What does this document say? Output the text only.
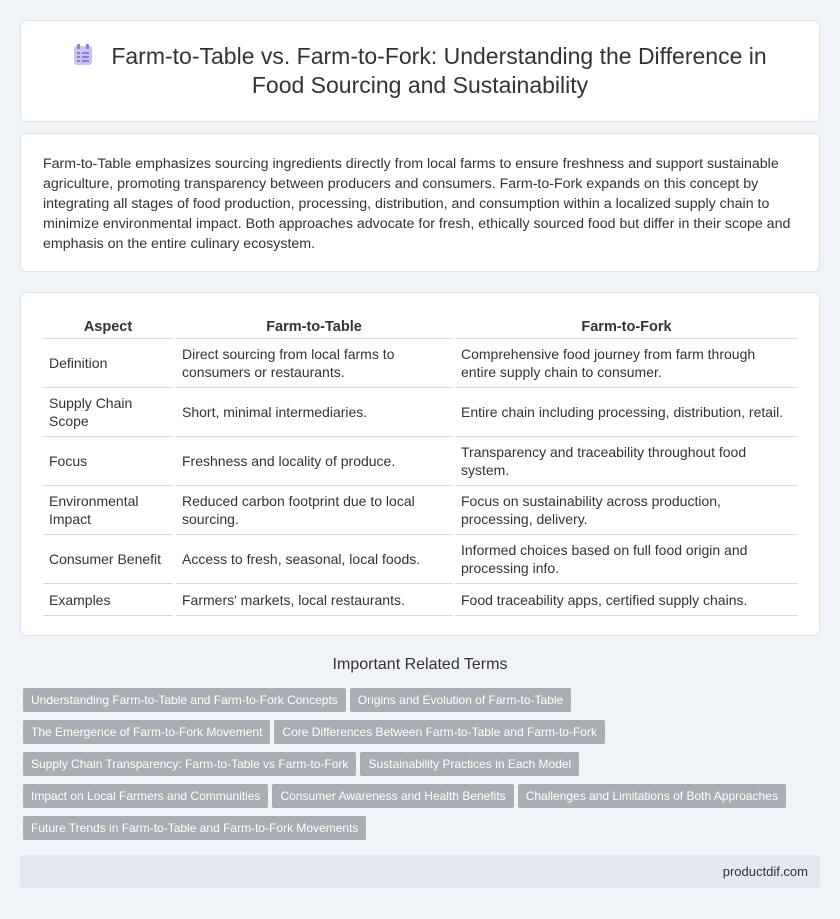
Farm-to-Table vs. Farm-to-Fork: Understanding the Difference in Food Sourcing and Sustainability

Farm-to-Table emphasizes sourcing ingredients directly from local farms to ensure freshness and support sustainable agriculture, promoting transparency between producers and consumers. Farm-to-Fork expands on this concept by integrating all stages of food production, processing, distribution, and consumption within a localized supply chain to minimize environmental impact. Both approaches advocate for fresh, ethically sourced food but differ in their scope and emphasis on the entire culinary ecosystem.

Aspect	Farm-to-Table	Farm-to-Fork
Definition	Direct sourcing from local farms to consumers or restaurants.	Comprehensive food journey from farm through entire supply chain to consumer.
Supply Chain Scope	Short, minimal intermediaries.	Entire chain including processing, distribution, retail.
Focus	Freshness and locality of produce.	Transparency and traceability throughout food system.
Environmental Impact	Reduced carbon footprint due to local sourcing.	Focus on sustainability across production, processing, delivery.
Consumer Benefit	Access to fresh, seasonal, local foods.	Informed choices based on full food origin and processing info.
Examples	Farmers' markets, local restaurants.	Food traceability apps, certified supply chains.
Important Related Terms
Understanding Farm-to-Table and Farm-to-Fork Concepts Origins and Evolution of Farm-to-Table
The Emergence of Farm-to-Fork Movement Core Differences Between Farm-to-Table and Farm-to-Fork
Supply Chain Transparency: Farm-to-Table vs Farm-to-Fork Sustainability Practices in Each Model
Impact on Local Farmers and Communities Consumer Awareness and Health Benefits Challenges and Limitations of Both Approaches
Future Trends in Farm-to-Table and Farm-to-Fork Movements
productdif.com
